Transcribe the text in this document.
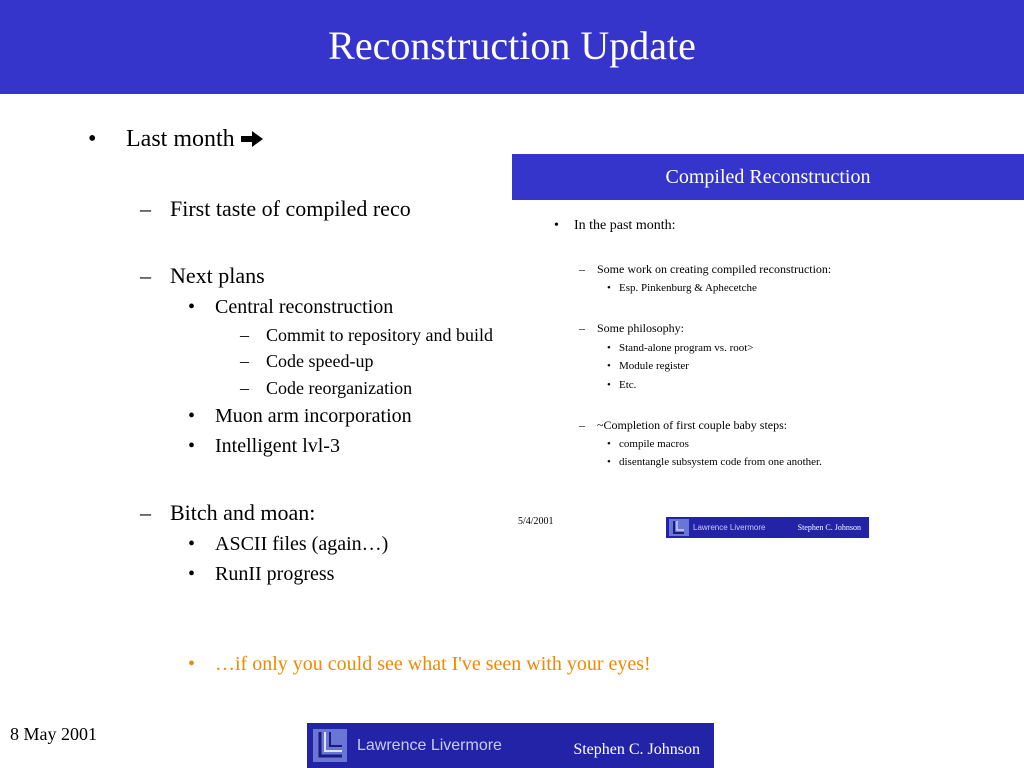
Reconstruction Update
•	Last month
– First taste of compiled reco
– Next plans
• Central reconstruction
– Commit to repository and build
– Code speed-up
– Code reorganization
• Muon arm incorporation
• Intelligent lvl-3
– Bitch and moan:
• ASCII files (again…)
• RunII progress
• …if only you could see what I've seen with your eyes!
Compiled Reconstruction
•	In the past month:
–	Some work on creating compiled reconstruction:
• Esp. Pinkenburg & Aphecetche
–	Some philosophy:
• Stand-alone program vs. root>
• Module register
• Etc.
–	~Completion of first couple baby steps:
• compile macros
• disentangle subsystem code from one another.
5/4/2001
Lawrence Livermore	Stephen C. Johnson
8 May 2001
Lawrence Livermore	Stephen C. Johnson
